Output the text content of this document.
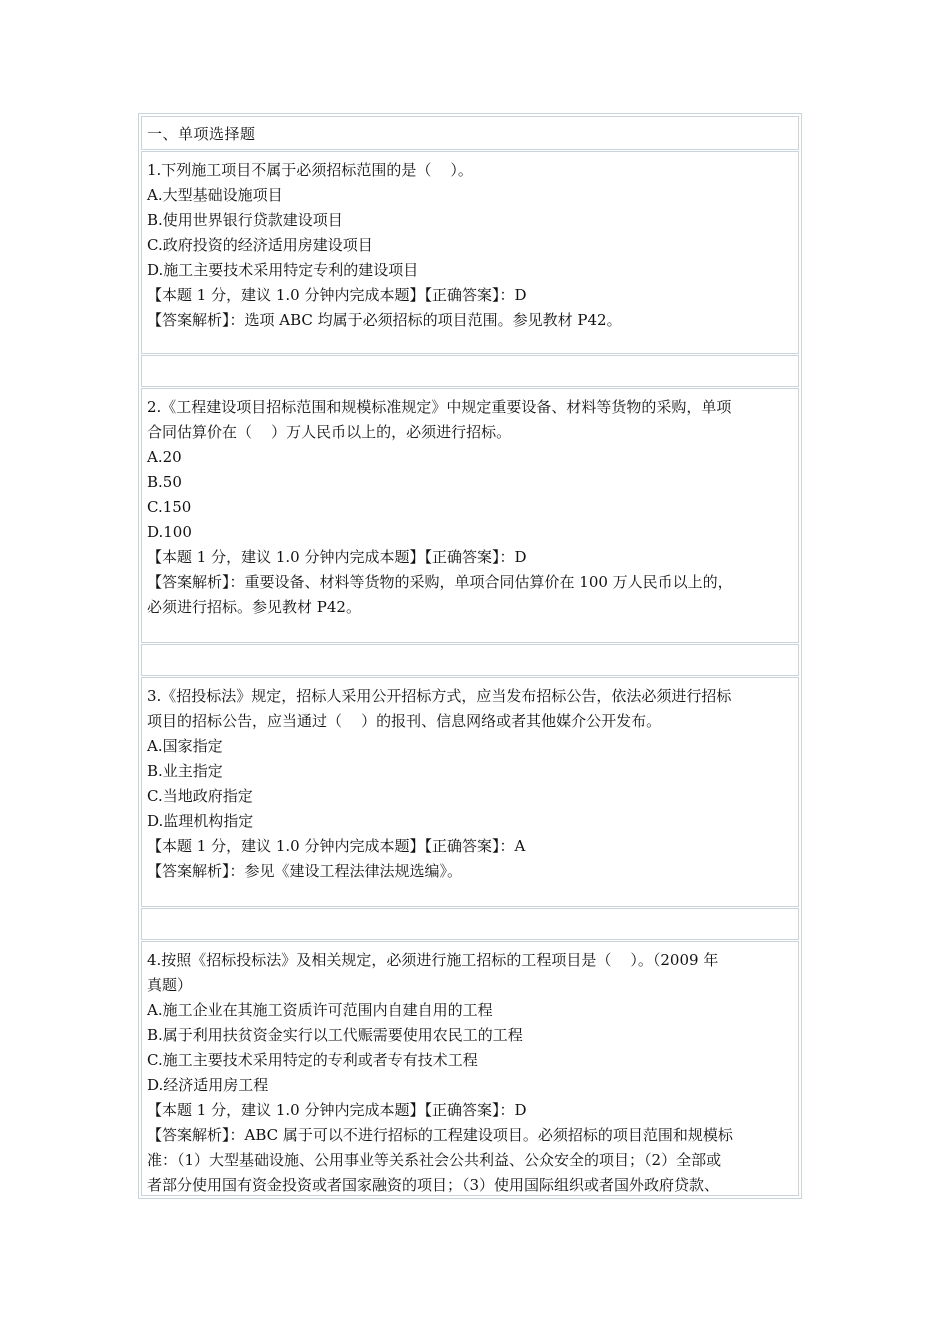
一、单项选择题
1.下列施工项目不属于必须招标范围的是（    ）。
A.大型基础设施项目
B.使用世界银行贷款建设项目
C.政府投资的经济适用房建设项目
D.施工主要技术采用特定专利的建设项目
【本题 1 分，建议 1.0 分钟内完成本题】【正确答案】：D
【答案解析】：选项 ABC 均属于必须招标的项目范围。参见教材 P42。
2.《工程建设项目招标范围和规模标准规定》中规定重要设备、材料等货物的采购，单项
合同估算价在（    ）万人民币以上的，必须进行招标。
A.20
B.50
C.150
D.100
【本题 1 分，建议 1.0 分钟内完成本题】【正确答案】：D
【答案解析】：重要设备、材料等货物的采购，单项合同估算价在 100 万人民币以上的，
必须进行招标。参见教材 P42。
3.《招投标法》规定，招标人采用公开招标方式，应当发布招标公告，依法必须进行招标
项目的招标公告，应当通过（    ）的报刊、信息网络或者其他媒介公开发布。
A.国家指定
B.业主指定
C.当地政府指定
D.监理机构指定
【本题 1 分，建议 1.0 分钟内完成本题】【正确答案】：A
【答案解析】：参见《建设工程法律法规选编》。
4.按照《招标投标法》及相关规定，必须进行施工招标的工程项目是（    ）。（2009 年
真题）
A.施工企业在其施工资质许可范围内自建自用的工程
B.属于利用扶贫资金实行以工代赈需要使用农民工的工程
C.施工主要技术采用特定的专利或者专有技术工程
D.经济适用房工程
【本题 1 分，建议 1.0 分钟内完成本题】【正确答案】：D
【答案解析】：ABC 属于可以不进行招标的工程建设项目。必须招标的项目范围和规模标
准：（1）大型基础设施、公用事业等关系社会公共利益、公众安全的项目；（2）全部或
者部分使用国有资金投资或者国家融资的项目；（3）使用国际组织或者国外政府贷款、
